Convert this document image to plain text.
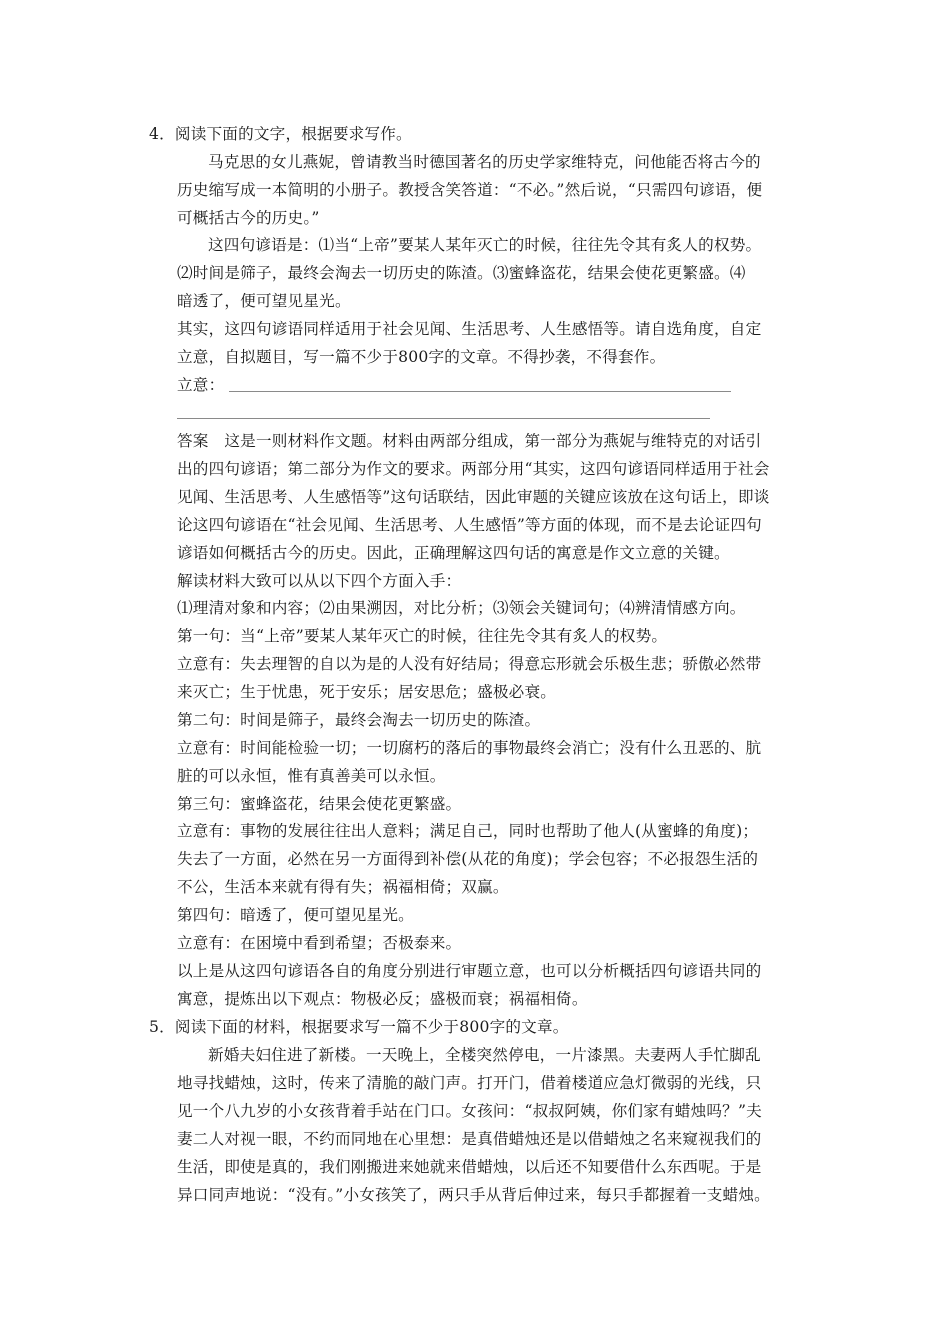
4．阅读下面的文字，根据要求写作。
马克思的女儿燕妮，曾请教当时德国著名的历史学家维特克，问他能否将古今的
历史缩写成一本简明的小册子。教授含笑答道：“不必。”然后说，“只需四句谚语，便
可概括古今的历史。”
这四句谚语是：⑴当“上帝”要某人某年灭亡的时候，往往先令其有炙人的权势。
⑵时间是筛子，最终会淘去一切历史的陈渣。⑶蜜蜂盗花，结果会使花更繁盛。⑷
暗透了，便可望见星光。
其实，这四句谚语同样适用于社会见闻、生活思考、人生感悟等。请自选角度，自定
立意，自拟题目，写一篇不少于800字的文章。不得抄袭，不得套作。
立意：
答案　这是一则材料作文题。材料由两部分组成，第一部分为燕妮与维特克的对话引
出的四句谚语；第二部分为作文的要求。两部分用“其实，这四句谚语同样适用于社会
见闻、生活思考、人生感悟等”这句话联结，因此审题的关键应该放在这句话上，即谈
论这四句谚语在“社会见闻、生活思考、人生感悟”等方面的体现，而不是去论证四句
谚语如何概括古今的历史。因此，正确理解这四句话的寓意是作文立意的关键。
解读材料大致可以从以下四个方面入手：
⑴理清对象和内容；⑵由果溯因，对比分析；⑶领会关键词句；⑷辨清情感方向。
第一句：当“上帝”要某人某年灭亡的时候，往往先令其有炙人的权势。
立意有：失去理智的自以为是的人没有好结局；得意忘形就会乐极生悲；骄傲必然带
来灭亡；生于忧患，死于安乐；居安思危；盛极必衰。
第二句：时间是筛子，最终会淘去一切历史的陈渣。
立意有：时间能检验一切；一切腐朽的落后的事物最终会消亡；没有什么丑恶的、肮
脏的可以永恒，惟有真善美可以永恒。
第三句：蜜蜂盗花，结果会使花更繁盛。
立意有：事物的发展往往出人意料；满足自己，同时也帮助了他人(从蜜蜂的角度)；
失去了一方面，必然在另一方面得到补偿(从花的角度)；学会包容；不必报怨生活的
不公，生活本来就有得有失；祸福相倚；双赢。
第四句：暗透了，便可望见星光。
立意有：在困境中看到希望；否极泰来。
以上是从这四句谚语各自的角度分别进行审题立意，也可以分析概括四句谚语共同的
寓意，提炼出以下观点：物极必反；盛极而衰；祸福相倚。
5．阅读下面的材料，根据要求写一篇不少于800字的文章。
新婚夫妇住进了新楼。一天晚上，全楼突然停电，一片漆黑。夫妻两人手忙脚乱
地寻找蜡烛，这时，传来了清脆的敲门声。打开门，借着楼道应急灯微弱的光线，只
见一个八九岁的小女孩背着手站在门口。女孩问：“叔叔阿姨，你们家有蜡烛吗？”夫
妻二人对视一眼，不约而同地在心里想：是真借蜡烛还是以借蜡烛之名来窥视我们的
生活，即使是真的，我们刚搬进来她就来借蜡烛，以后还不知要借什么东西呢。于是
异口同声地说：“没有。”小女孩笑了，两只手从背后伸过来，每只手都握着一支蜡烛。
